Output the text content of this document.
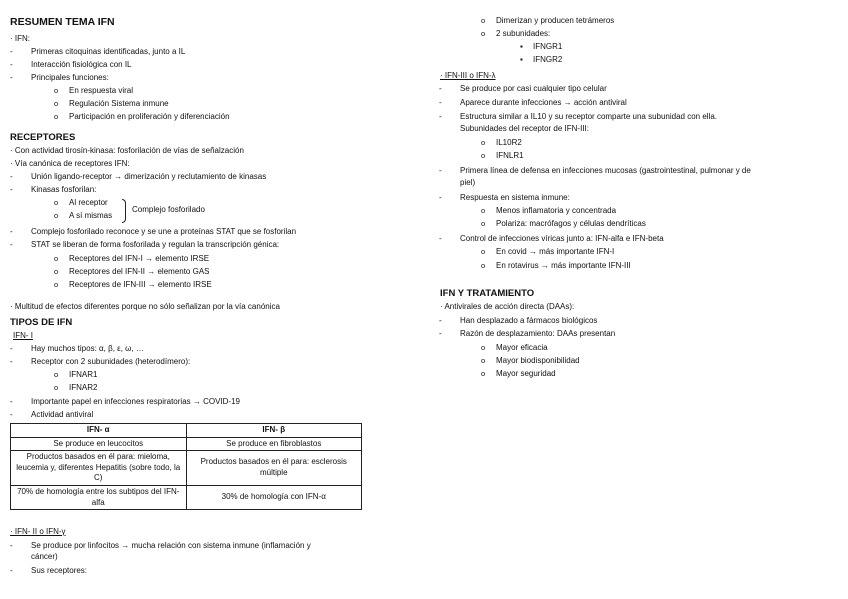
RESUMEN TEMA IFN
· IFN:
- Primeras citoquinas identificadas, junto a IL
- Interacción fisiológica con IL
- Principales funciones:
o En respuesta viral
o Regulación Sistema inmune
o Participación en proliferación y diferenciación
RECEPTORES
· Con actividad tirosín-kinasa: fosforilación de vías de señalzación
· Vía canónica de receptores IFN:
- Unión ligando-receptor → dimerización y reclutamiento de kinasas
- Kinasas fosforilan:
o Al receptor
o A sí mismas
Complejo fosforilado
- Complejo fosforilado reconoce y se une a proteínas STAT que se fosforilan
- STAT se liberan de forma fosforilada y regulan la transcripción génica:
o Receptores del IFN-I → elemento IRSE
o Receptores del IFN-II → elemento GAS
o Receptores de IFN-III → elemento IRSE
· Multitud de efectos diferentes porque no sólo señalizan por la vía canónica
TIPOS DE IFN
IFN- I
- Hay muchos tipos: α, β, ε, ω, …
- Receptor con 2 subunidades (heterodímero):
o IFNAR1
o IFNAR2
- Importante papel en infecciones respiratorias → COVID-19
- Actividad antiviral
IFN- α	IFN- β
Se produce en leucocitos	Se produce en fibroblastos
Productos basados en él para: mieloma, leucemia y, diferentes Hepatitis (sobre todo, la C)	Productos basados en él para: esclerosis múltiple
70% de homología entre los subtipos del IFN-alfa	30% de homología con IFN-α
· IFN- II o IFN-γ
- Se produce por linfocitos → mucha relación con sistema inmune (inflamación y
cáncer)
- Sus receptores:
o Dimerizan y producen tetrámeros
o 2 subunidades:
▪ IFNGR1
▪ IFNGR2
· IFN-III o IFN-λ
- Se produce por casi cualquier tipo celular
- Aparece durante infecciones → acción antiviral
- Estructura similar a IL10 y su receptor comparte una subunidad con ella.
Subunidades del receptor de IFN-III:
o IL10R2
o IFNLR1
- Primera línea de defensa en infecciones mucosas (gastrointestinal, pulmonar y de
piel)
- Respuesta en sistema inmune:
o Menos inflamatoria y concentrada
o Polariza: macrófagos y células dendríticas
- Control de infecciones víricas junto a: IFN-alfa e IFN-beta
o En covid → más importante IFN-I
o En rotavirus → más importante IFN-III
IFN Y TRATAMIENTO
· Antivirales de acción directa (DAAs):
- Han desplazado a fármacos biológicos
- Razón de desplazamiento: DAAs presentan
o Mayor eficacia
o Mayor biodisponibilidad
o Mayor seguridad
